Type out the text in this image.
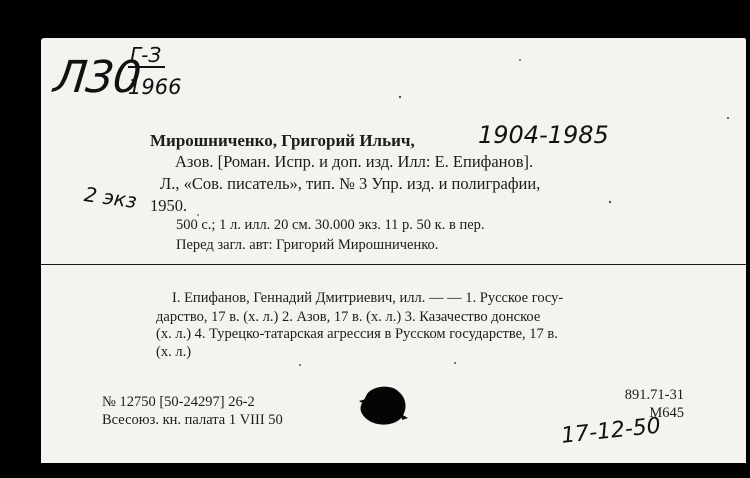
Л30
Г-З
1966
Мирошниченко, Григорий Ильич,	1904-1985
Азов. [Роман. Испр. и доп. изд. Илл: Е. Епифанов].
Л., «Сов. писатель», тип. № 3 Упр. изд. и полиграфии,
1950.
2 экз
500 с.; 1 л. илл. 20 см. 30.000 экз. 11 р. 50 к. в пер.
Перед загл. авт: Григорий Мирошниченко.
I. Епифанов, Геннадий Дмитриевич, илл. — — 1. Русское госу-
дарство, 17 в. (х. л.) 2. Азов, 17 в. (х. л.) 3. Казачество донское
(х. л.) 4. Турецко-татарская агрессия в Русском государстве, 17 в.
(х. л.)
№ 12750 [50-24297] 26-2
Всесоюз. кн. палата 1 VIII 50
891.71-31
M645
17-12-50
